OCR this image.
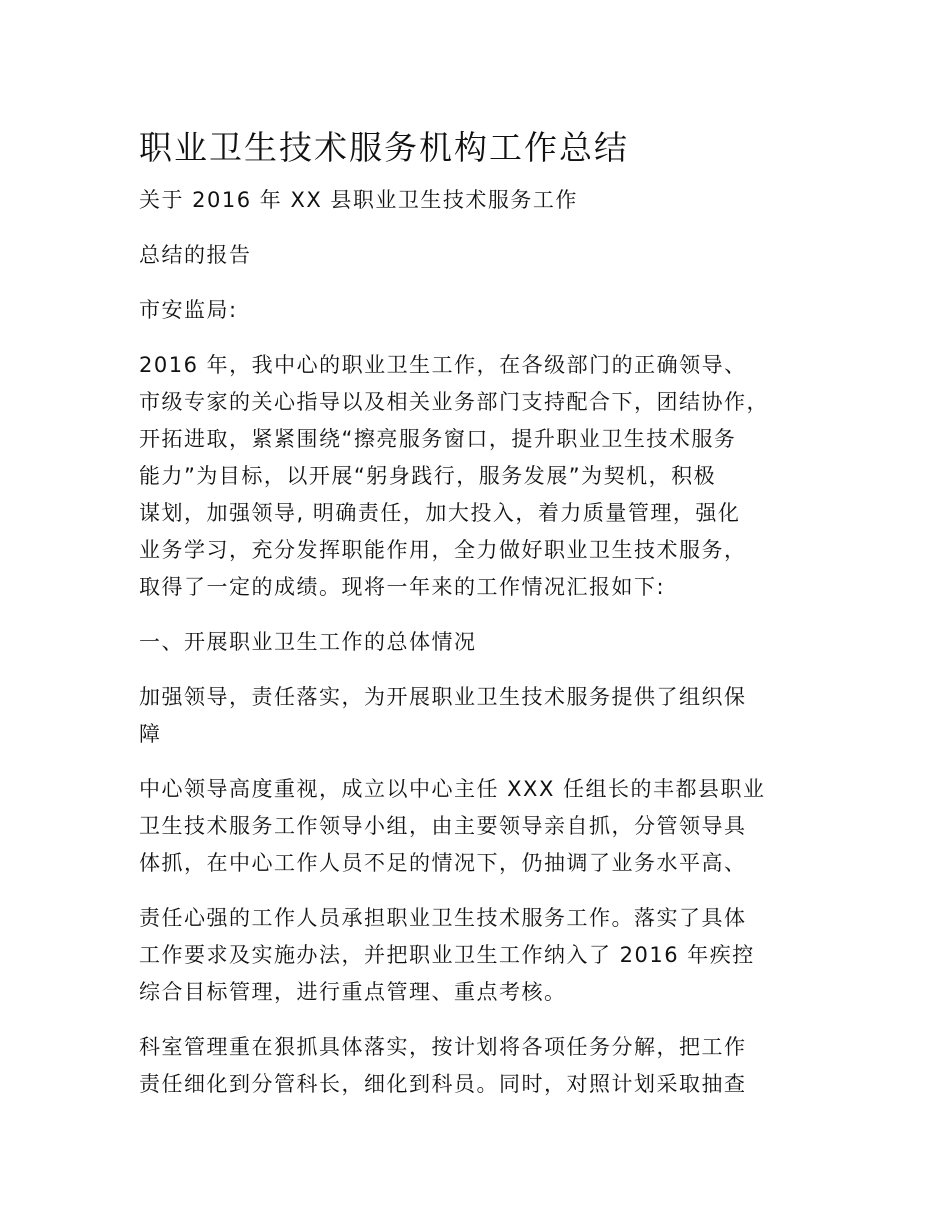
职业卫生技术服务机构工作总结
关于 2016 年 XX 县职业卫生技术服务工作
总结的报告
市安监局:
2016 年，我中心的职业卫生工作，在各级部门的正确领导、
市级专家的关心指导以及相关业务部门支持配合下，团结协作，
开拓进取，紧紧围绕“擦亮服务窗口，提升职业卫生技术服务
能力”为目标，以开展“躬身践行，服务发展”为契机，积极
谋划，加强领导, 明确责任，加大投入，着力质量管理，强化
业务学习，充分发挥职能作用，全力做好职业卫生技术服务，
取得了一定的成绩。现将一年来的工作情况汇报如下:
一、开展职业卫生工作的总体情况
加强领导，责任落实，为开展职业卫生技术服务提供了组织保
障
中心领导高度重视，成立以中心主任 XXX 任组长的丰都县职业
卫生技术服务工作领导小组，由主要领导亲自抓，分管领导具
体抓，在中心工作人员不足的情况下，仍抽调了业务水平高、
责任心强的工作人员承担职业卫生技术服务工作。落实了具体
工作要求及实施办法，并把职业卫生工作纳入了 2016 年疾控
综合目标管理，进行重点管理、重点考核。
科室管理重在狠抓具体落实，按计划将各项任务分解，把工作
责任细化到分管科长，细化到科员。同时，对照计划采取抽查
